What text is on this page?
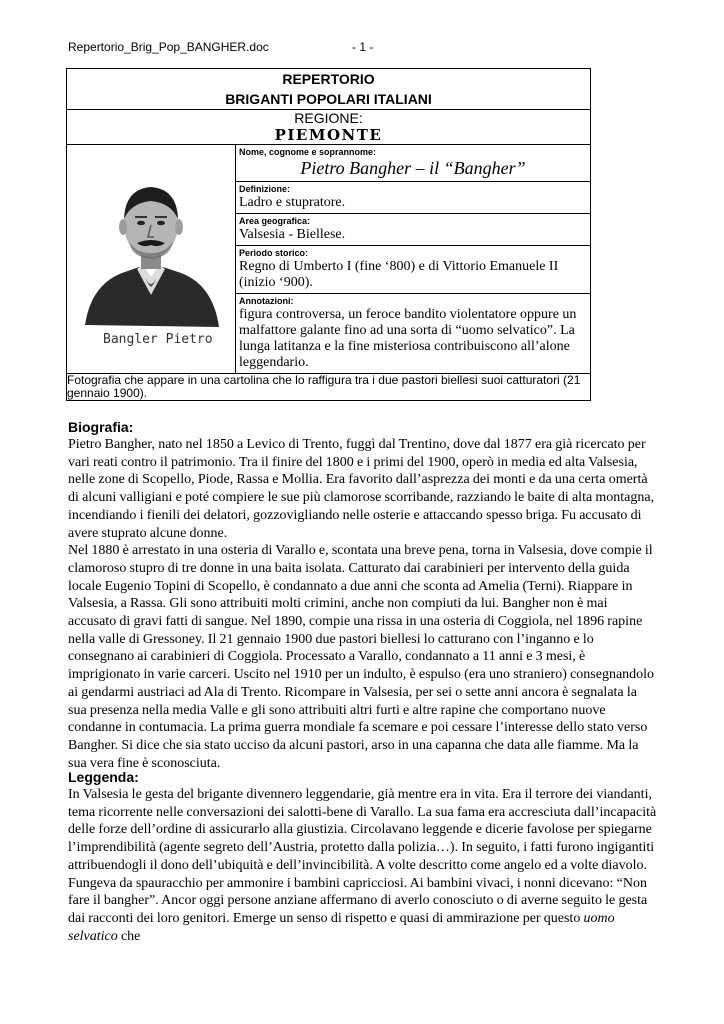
Repertorio_Brig_Pop_BANGHER.doc	- 1 -
REPERTORIO
BRIGANTI POPOLARI ITALIANI

REGIONE:
PIEMONTE

Bangler Pietro

Nome, cognome e soprannome:
Pietro Bangher – il “Bangher”

Definizione:
Ladro e stupratore.

Area geografica:
Valsesia - Biellese.

Periodo storico:
Regno di Umberto I (fine ‘800) e di Vittorio Emanuele II (inizio ‘900).

Annotazioni:
figura controversa, un feroce bandito violentatore oppure un malfattore galante fino ad una sorta di “uomo selvatico”. La lunga latitanza e la fine misteriosa contribuiscono all’alone leggendario.

Fotografia che appare in una cartolina che lo raffigura tra i due pastori biellesi suoi catturatori (21 gennaio 1900).
Biografia:

Pietro Bangher, nato nel 1850 a Levico di Trento, fuggì dal Trentino, dove dal 1877 era già ricercato per vari reati contro il patrimonio. Tra il finire del 1800 e i primi del 1900, operò in media ed alta Valsesia, nelle zone di Scopello, Piode, Rassa e Mollia. Era favorito dall’asprezza dei monti e da una certa omertà di alcuni valligiani e poté compiere le sue più clamorose scorribande, razziando le baite di alta montagna, incendiando i fienili dei delatori, gozzovigliando nelle osterie e attaccando spesso briga. Fu accusato di avere stuprato alcune donne.

Nel 1880 è arrestato in una osteria di Varallo e, scontata una breve pena, torna in Valsesia, dove compie il clamoroso stupro di tre donne in una baita isolata. Catturato dai carabinieri per intervento della guida locale Eugenio Topini di Scopello, è condannato a due anni che sconta ad Amelia (Terni). Riappare in Valsesia, a Rassa. Gli sono attribuiti molti crimini, anche non compiuti da lui. Bangher non è mai accusato di gravi fatti di sangue. Nel 1890, compie una rissa in una osteria di Coggiola, nel 1896 rapine nella valle di Gressoney. Il 21 gennaio 1900 due pastori biellesi lo catturano con l’inganno e lo consegnano ai carabinieri di Coggiola. Processato a Varallo, condannato a 11 anni e 3 mesi, è imprigionato in varie carceri. Uscito nel 1910 per un indulto, è espulso (era uno straniero) consegnandolo ai gendarmi austriaci ad Ala di Trento. Ricompare in Valsesia, per sei o sette anni ancora è segnalata la sua presenza nella media Valle e gli sono attribuiti altri furti e altre rapine che comportano nuove condanne in contumacia. La prima guerra mondiale fa scemare e poi cessare l’interesse dello stato verso Bangher. Si dice che sia stato ucciso da alcuni pastori, arso in una capanna che data alle fiamme. Ma la sua vera fine è sconosciuta.

Leggenda:

In Valsesia le gesta del brigante divennero leggendarie, già mentre era in vita. Era il terrore dei viandanti, tema ricorrente nelle conversazioni dei salotti-bene di Varallo. La sua fama era accresciuta dall’incapacità delle forze dell’ordine di assicurarlo alla giustizia. Circolavano leggende e dicerie favolose per spiegarne l’imprendibilità (agente segreto dell’Austria, protetto dalla polizia…). In seguito, i fatti furono ingigantiti attribuendogli il dono dell’ubiquità e dell’invincibilità. A volte descritto come angelo ed a volte diavolo. Fungeva da spauracchio per ammonire i bambini capricciosi. Ai bambini vivaci, i nonni dicevano: “Non fare il bangher”. Ancor oggi persone anziane affermano di averlo conosciuto o di averne seguito le gesta dai racconti dei loro genitori. Emerge un senso di rispetto e quasi di ammirazione per questo uomo selvatico che
